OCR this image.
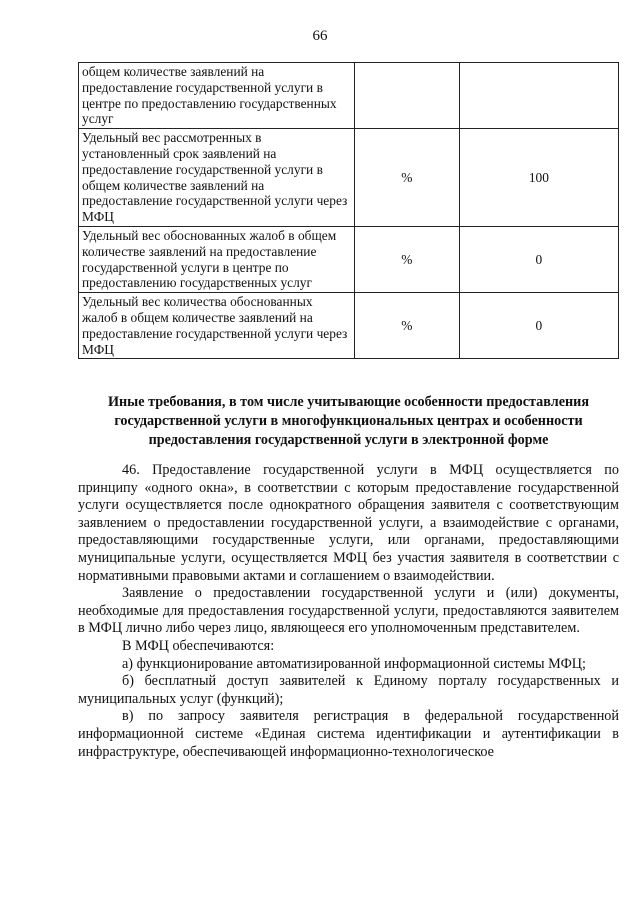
66
общем количестве заявлений на предоставление государственной услуги в центре по предоставлению государственных услуг		
Удельный вес рассмотренных в установленный срок заявлений на предоставление государственной услуги в общем количестве заявлений на предоставление государственной услуги через МФЦ	%	100
Удельный вес обоснованных жалоб в общем количестве заявлений на предоставление государственной услуги в центре по предоставлению государственных услуг	%	0
Удельный вес количества обоснованных жалоб в общем количестве заявлений на предоставление государственной услуги через МФЦ	%	0
Иные требования, в том числе учитывающие особенности предоставления государственной услуги в многофункциональных центрах и особенности предоставления государственной услуги в электронной форме

46. Предоставление государственной услуги в МФЦ осуществляется по принципу «одного окна», в соответствии с которым предоставление государственной услуги осуществляется после однократного обращения заявителя с соответствующим заявлением о предоставлении государственной услуги, а взаимодействие с органами, предоставляющими государственные услуги, или органами, предоставляющими муниципальные услуги, осуществляется МФЦ без участия заявителя в соответствии с нормативными правовыми актами и соглашением о взаимодействии.

Заявление о предоставлении государственной услуги и (или) документы, необходимые для предоставления государственной услуги, предоставляются заявителем в МФЦ лично либо через лицо, являющееся его уполномоченным представителем.

В МФЦ обеспечиваются:

а) функционирование автоматизированной информационной системы МФЦ;

б) бесплатный доступ заявителей к Единому порталу государственных и муниципальных услуг (функций);

в) по запросу заявителя регистрация в федеральной государственной информационной системе «Единая система идентификации и аутентификации в инфраструктуре, обеспечивающей информационно-технологическое
